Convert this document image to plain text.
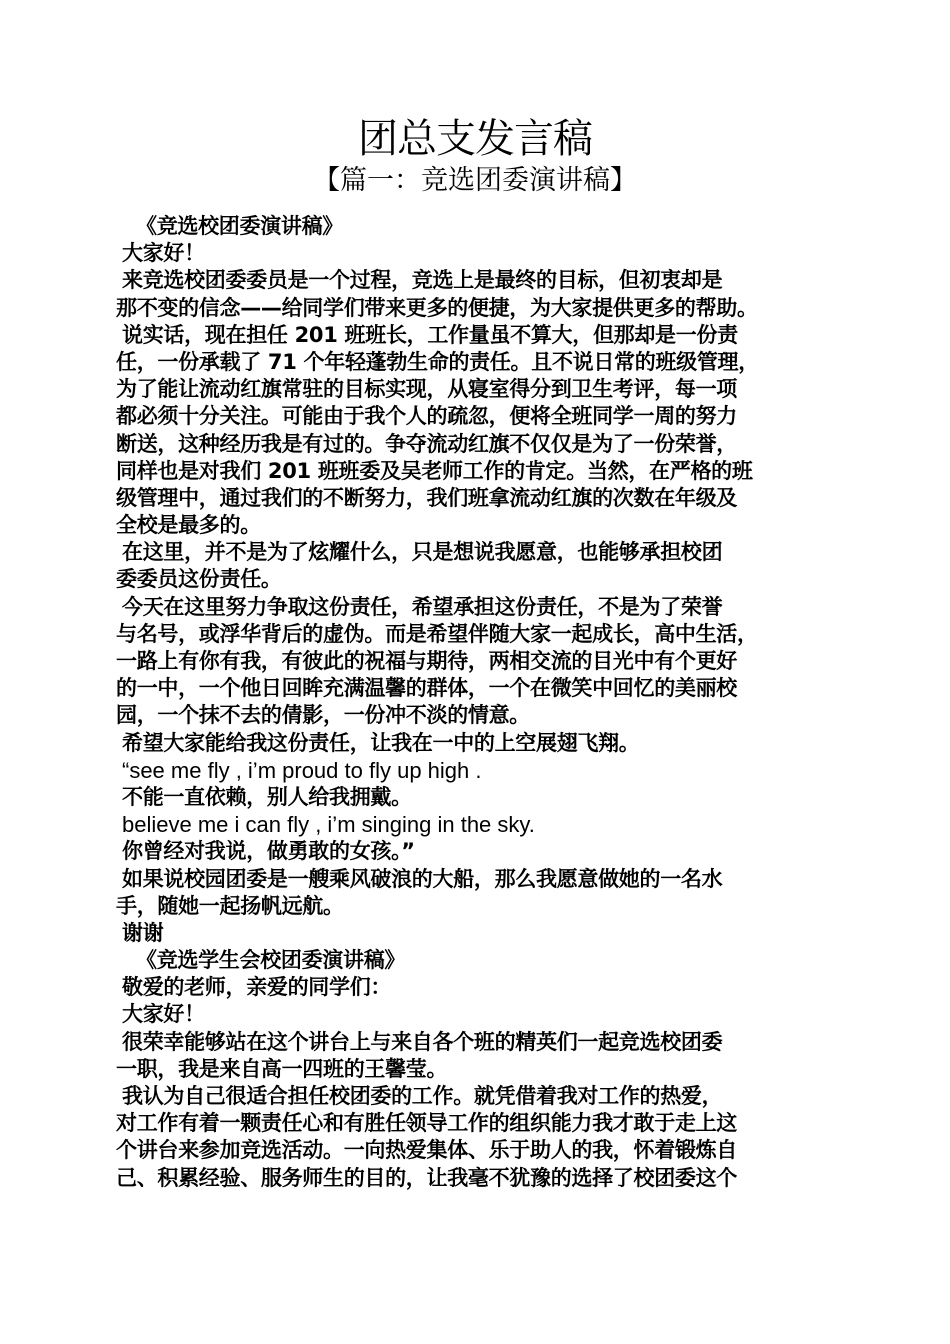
团总支发言稿
【篇一：竞选团委演讲稿】
《竞选校团委演讲稿》
大家好！
来竞选校团委委员是一个过程，竞选上是最终的目标，但初衷却是
那不变的信念——给同学们带来更多的便捷，为大家提供更多的帮助。
说实话，现在担任 201 班班长，工作量虽不算大，但那却是一份责
任，一份承载了 71 个年轻蓬勃生命的责任。且不说日常的班级管理，
为了能让流动红旗常驻的目标实现，从寝室得分到卫生考评，每一项
都必须十分关注。可能由于我个人的疏忽，便将全班同学一周的努力
断送，这种经历我是有过的。争夺流动红旗不仅仅是为了一份荣誉，
同样也是对我们 201 班班委及吴老师工作的肯定。当然，在严格的班
级管理中，通过我们的不断努力，我们班拿流动红旗的次数在年级及
全校是最多的。
在这里，并不是为了炫耀什么，只是想说我愿意，也能够承担校团
委委员这份责任。
今天在这里努力争取这份责任，希望承担这份责任，不是为了荣誉
与名号，或浮华背后的虚伪。而是希望伴随大家一起成长，高中生活，
一路上有你有我，有彼此的祝福与期待，两相交流的目光中有个更好
的一中，一个他日回眸充满温馨的群体，一个在微笑中回忆的美丽校
园，一个抹不去的倩影，一份冲不淡的情意。
希望大家能给我这份责任，让我在一中的上空展翅飞翔。
“see me fly , i’m proud to fly up high .
不能一直依赖，别人给我拥戴。
believe me i can fly , i’m singing in the sky.
你曾经对我说，做勇敢的女孩。”
如果说校园团委是一艘乘风破浪的大船，那么我愿意做她的一名水
手，随她一起扬帆远航。
谢谢
《竞选学生会校团委演讲稿》
敬爱的老师，亲爱的同学们：
大家好！
很荣幸能够站在这个讲台上与来自各个班的精英们一起竞选校团委
一职，我是来自高一四班的王馨莹。
我认为自己很适合担任校团委的工作。就凭借着我对工作的热爱，
对工作有着一颗责任心和有胜任领导工作的组织能力我才敢于走上这
个讲台来参加竞选活动。一向热爱集体、乐于助人的我，怀着锻炼自
己、积累经验、服务师生的目的，让我毫不犹豫的选择了校团委这个
